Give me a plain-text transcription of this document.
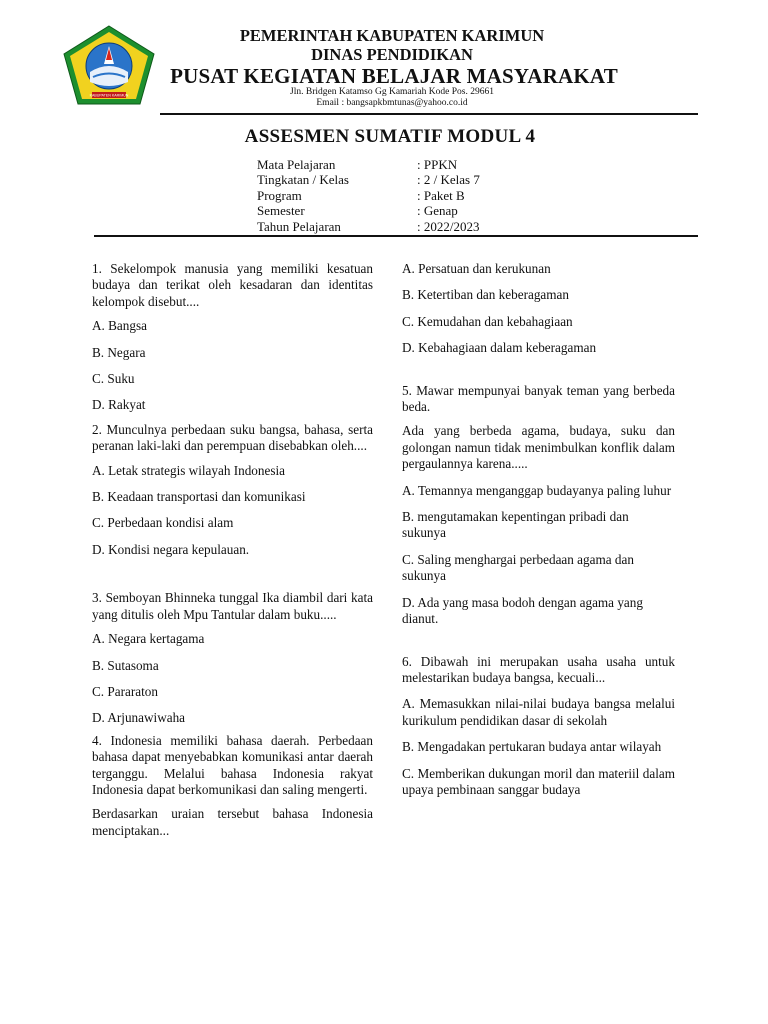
KABUPATEN KARIMUN
PEMERINTAH KABUPATEN KARIMUN
DINAS PENDIDIKAN
PUSAT KEGIATAN BELAJAR MASYARAKAT
Jln. Bridgen Katamso Gg Kamariah Kode Pos. 29661
Email : bangsapkbmtunas@yahoo.co.id
ASSESMEN SUMATIF MODUL 4
Mata Pelajaran	: PPKN
Tingkatan / Kelas	: 2 / Kelas 7
Program	: Paket B
Semester	: Genap
Tahun Pelajaran	: 2022/2023

1. Sekelompok manusia yang memiliki kesatuan budaya dan terikat oleh kesadaran dan identitas kelompok disebut....

A. Bangsa

B. Negara

C. Suku

D. Rakyat

2. Munculnya perbedaan suku bangsa, bahasa, serta peranan laki-laki dan perempuan disebabkan oleh....

A. Letak strategis wilayah Indonesia

B. Keadaan transportasi dan komunikasi

C. Perbedaan kondisi alam

D. Kondisi negara kepulauan.

3. Semboyan Bhinneka tunggal Ika diambil dari kata yang ditulis oleh Mpu Tantular dalam buku.....

A. Negara kertagama

B. Sutasoma

C. Pararaton

D. Arjunawiwaha

4. Indonesia memiliki bahasa daerah. Perbedaan bahasa dapat menyebabkan komunikasi antar daerah terganggu. Melalui bahasa Indonesia rakyat Indonesia dapat berkomunikasi dan saling mengerti.

Berdasarkan uraian tersebut bahasa Indonesia menciptakan...

A. Persatuan dan kerukunan

B. Ketertiban dan keberagaman

C. Kemudahan dan kebahagiaan

D. Kebahagiaan dalam keberagaman

5. Mawar mempunyai banyak teman yang berbeda beda.

Ada yang berbeda agama, budaya, suku dan golongan namun tidak menimbulkan konflik dalam pergaulannya karena.....

A. Temannya menganggap budayanya paling luhur

B. mengutamakan kepentingan pribadi dan sukunya

C. Saling menghargai perbedaan agama dan sukunya

D. Ada yang masa bodoh dengan agama yang dianut.

6. Dibawah ini merupakan usaha usaha untuk melestarikan budaya bangsa, kecuali...

A. Memasukkan nilai-nilai budaya bangsa melalui kurikulum pendidikan dasar di sekolah

B. Mengadakan pertukaran budaya antar wilayah

C. Memberikan dukungan moril dan materiil dalam upaya pembinaan sanggar budaya
